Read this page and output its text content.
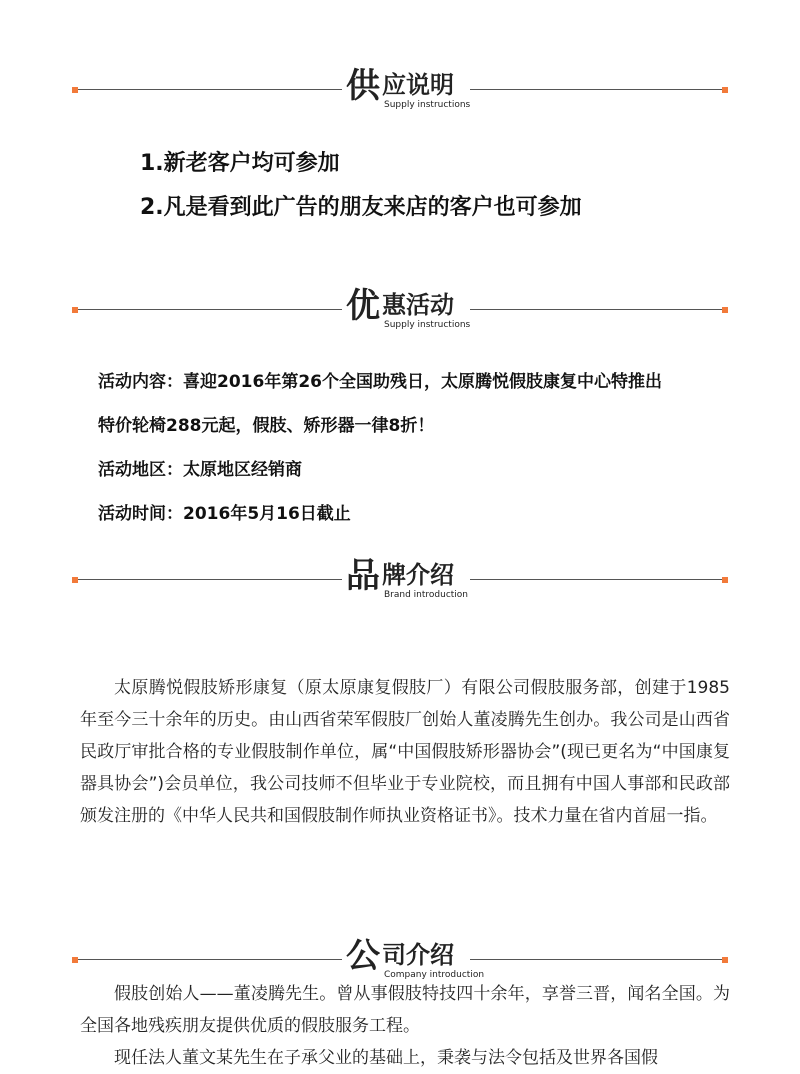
供 应说明
Supply instructions
1.新老客户均可参加
2.凡是看到此广告的朋友来店的客户也可参加
优 惠活动
Supply instructions
活动内容：喜迎2016年第26个全国助残日，太原腾悦假肢康复中心特推出
特价轮椅288元起，假肢、矫形器一律8折！
活动地区：太原地区经销商
活动时间：2016年5月16日截止
品 牌介绍
Brand introduction

太原腾悦假肢矫形康复（原太原康复假肢厂）有限公司假肢服务部，创建于1985年至今三十余年的历史。由山西省荣军假肢厂创始人董凌腾先生创办。我公司是山西省民政厅审批合格的专业假肢制作单位，属“中国假肢矫形器协会”(现已更名为“中国康复器具协会”)会员单位，我公司技师不但毕业于专业院校，而且拥有中国人事部和民政部颁发注册的《中华人民共和国假肢制作师执业资格证书》。技术力量在省内首屈一指。

公 司介绍
Company introduction

假肢创始人——董凌腾先生。曾从事假肢特技四十余年，享誉三晋，闻名全国。为全国各地残疾朋友提供优质的假肢服务工程。

现任法人董文某先生在子承父业的基础上，秉袭与法令包括及世界各国假
